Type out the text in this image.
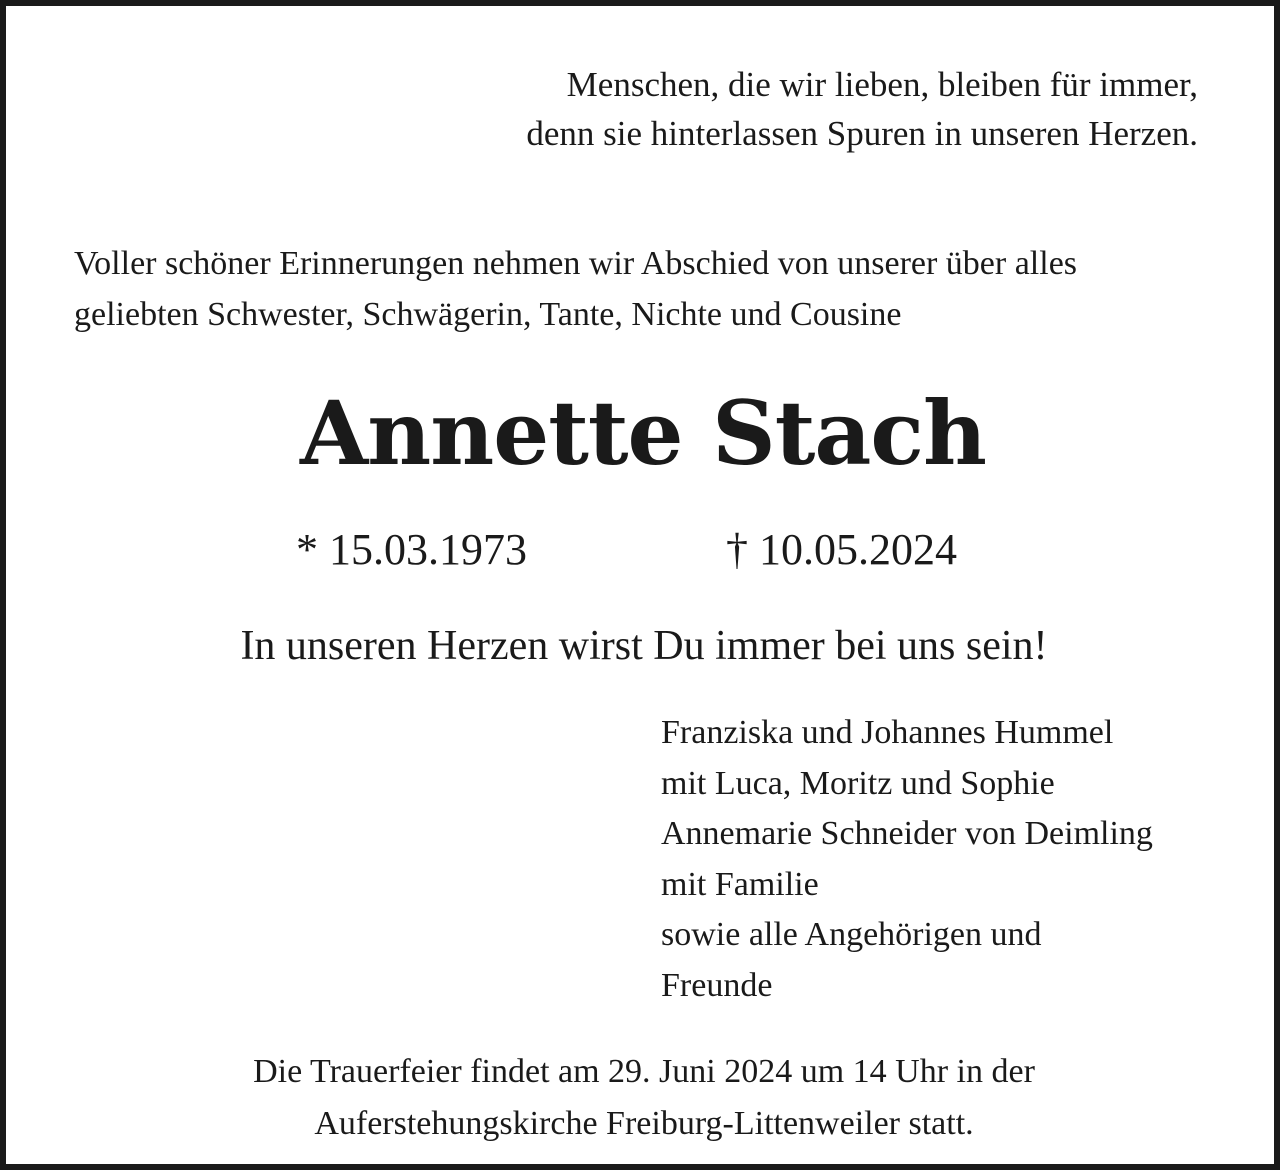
Menschen, die wir lieben, bleiben für immer,
denn sie hinterlassen Spuren in unseren Herzen.
Voller schöner Erinnerungen nehmen wir Abschied von unserer über alles
geliebten Schwester, Schwägerin, Tante, Nichte und Cousine
Annette Stach
* 15.03.1973	† 10.05.2024
In unseren Herzen wirst Du immer bei uns sein!
Franziska und Johannes Hummel
mit Luca, Moritz und Sophie
Annemarie Schneider von Deimling
mit Familie
sowie alle Angehörigen und
Freunde
Die Trauerfeier findet am 29. Juni 2024 um 14 Uhr in der
Auferstehungskirche Freiburg-Littenweiler statt.
